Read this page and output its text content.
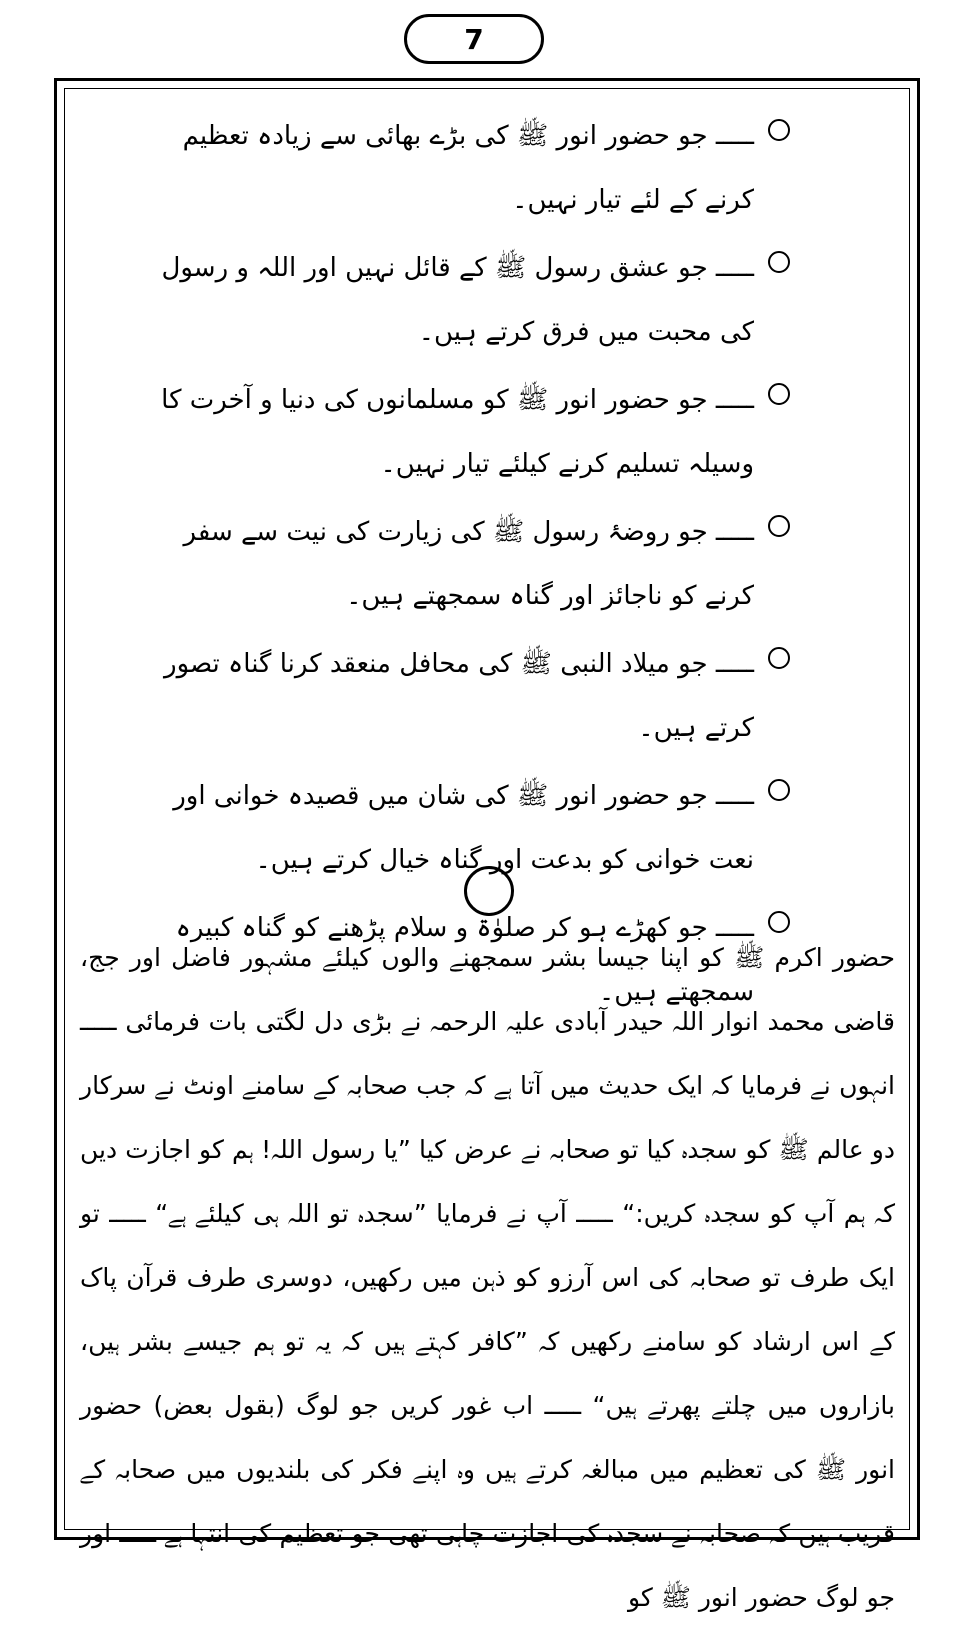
7
ـــــ جو حضور انور ﷺ کی بڑے بھائی سے زیادہ تعظیم کرنے کے لئے تیار نہیں۔
ـــــ جو عشق رسول ﷺ کے قائل نہیں اور اللہ و رسول کی محبت میں فرق کرتے ہیں۔
ـــــ جو حضور انور ﷺ کو مسلمانوں کی دنیا و آخرت کا وسیلہ تسلیم کرنے کیلئے تیار نہیں۔
ـــــ جو روضۂ رسول ﷺ کی زیارت کی نیت سے سفر کرنے کو ناجائز اور گناہ سمجھتے ہیں۔
ـــــ جو میلاد النبی ﷺ کی محافل منعقد کرنا گناہ تصور کرتے ہیں۔
ـــــ جو حضور انور ﷺ کی شان میں قصیدہ خوانی اور نعت خوانی کو بدعت اور گناہ خیال کرتے ہیں۔
ـــــ جو کھڑے ہو کر صلوٰۃ و سلام پڑھنے کو گناہ کبیرہ سمجھتے ہیں۔

حضور اکرم ﷺ کو اپنا جیسا بشر سمجھنے والوں کیلئے مشہور فاضل اور جج، قاضی محمد انوار اللہ حیدر آبادی علیہ الرحمہ نے بڑی دل لگتی بات فرمائی ـــــ انہوں نے فرمایا کہ ایک حدیث میں آتا ہے کہ جب صحابہ کے سامنے اونٹ نے سرکار دو عالم ﷺ کو سجدہ کیا تو صحابہ نے عرض کیا ”یا رسول اللہ! ہم کو اجازت دیں کہ ہم آپ کو سجدہ کریں:“ ـــــ آپ نے فرمایا ”سجدہ تو اللہ ہی کیلئے ہے“ ـــــ تو ایک طرف تو صحابہ کی اس آرزو کو ذہن میں رکھیں، دوسری طرف قرآن پاک کے اس ارشاد کو سامنے رکھیں کہ ”کافر کہتے ہیں کہ یہ تو ہم جیسے بشر ہیں، بازاروں میں چلتے پھرتے ہیں“ ـــــ اب غور کریں جو لوگ (بقول بعض) حضور انور ﷺ کی تعظیم میں مبالغہ کرتے ہیں وہ اپنے فکر کی بلندیوں میں صحابہ کے قریب ہیں کہ صحابہ نے سجدہ کی اجازت چاہی تھی جو تعظیم کی انتہا ہے ـــــ اور جو لوگ حضور انور ﷺ کو
